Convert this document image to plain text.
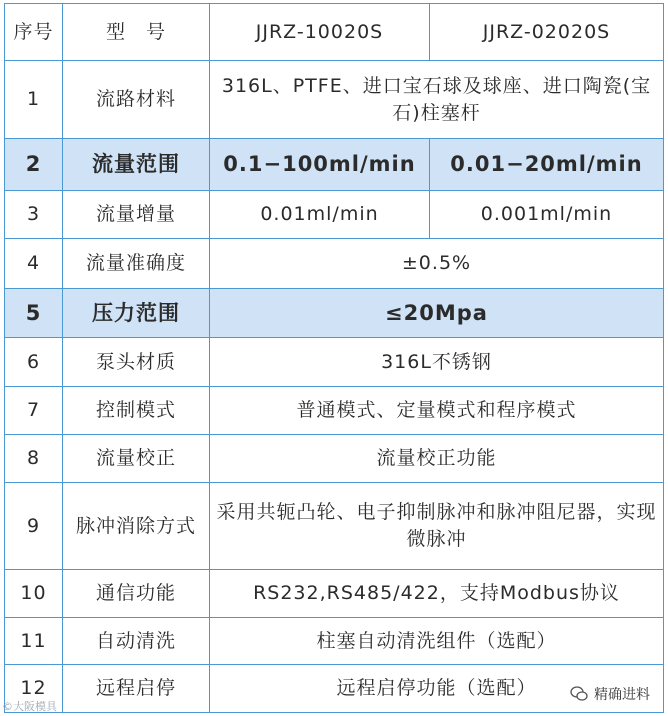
序号	型　号	JJRZ-10020S	JJRZ-02020S
1	流路材料	316L、PTFE、进口宝石球及球座、进口陶瓷(宝石)柱塞杆	
2	流量范围	0.1−100ml/min	0.01−20ml/min
3	流量增量	0.01ml/min	0.001ml/min
4	流量准确度	±0.5%	
5	压力范围	≤20Mpa	
6	泵头材质	316L不锈钢	
7	控制模式	普通模式、定量模式和程序模式	
8	流量校正	流量校正功能	
9	脉冲消除方式	采用共轭凸轮、电子抑制脉冲和脉冲阻尼器，实现微脉冲	
10	通信功能	RS232,RS485/422，支持Modbus协议	
11	自动清洗	柱塞自动清洗组件（选配）	
12	远程启停	远程启停功能（选配）	
©大阪模具
精确进料
